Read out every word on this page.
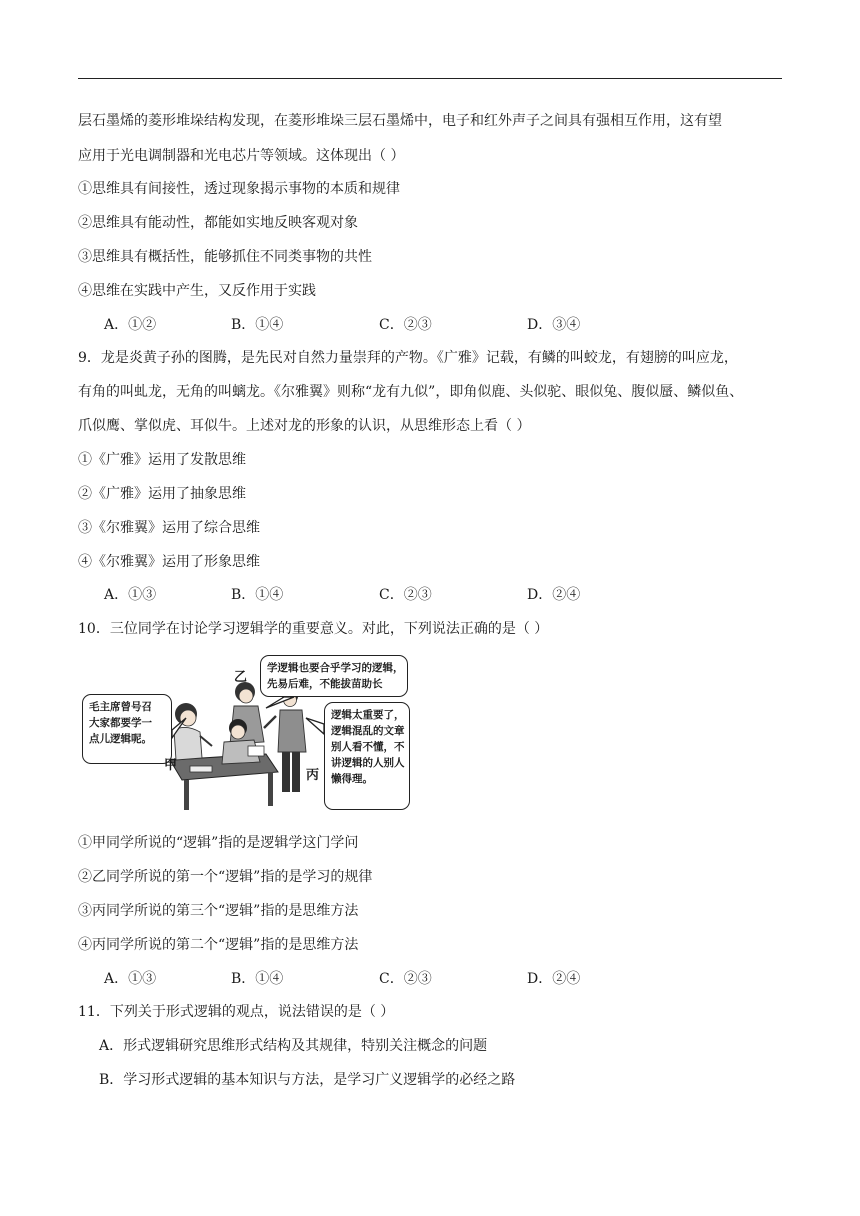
层石墨烯的菱形堆垛结构发现，在菱形堆垛三层石墨烯中，电子和红外声子之间具有强相互作用，这有望
应用于光电调制器和光电芯片等领域。这体现出（ ）
①思维具有间接性，透过现象揭示事物的本质和规律
②思维具有能动性，都能如实地反映客观对象
③思维具有概括性，能够抓住不同类事物的共性
④思维在实践中产生，又反作用于实践
A．①②	B．①④	C．②③	D．③④
9．龙是炎黄子孙的图腾，是先民对自然力量崇拜的产物。《广雅》记载，有鳞的叫蛟龙，有翅膀的叫应龙，
有角的叫虬龙，无角的叫螭龙。《尔雅翼》则称“龙有九似”，即角似鹿、头似驼、眼似兔、腹似蜃、鳞似鱼、
爪似鹰、掌似虎、耳似牛。上述对龙的形象的认识，从思维形态上看（ ）
①《广雅》运用了发散思维
②《广雅》运用了抽象思维
③《尔雅翼》运用了综合思维
④《尔雅翼》运用了形象思维
A．①③	B．①④	C．②③	D．②④
10．三位同学在讨论学习逻辑学的重要意义。对此，下列说法正确的是（ ）
毛主席曾号召
大家都要学一
点儿逻辑呢。
学逻辑也要合乎学习的逻辑，
先易后难，不能拔苗助长
逻辑太重要了，
逻辑混乱的文章
别人看不懂，不
讲逻辑的人别人
懒得理。
甲
乙
丙
①甲同学所说的“逻辑”指的是逻辑学这门学问
②乙同学所说的第一个“逻辑”指的是学习的规律
③丙同学所说的第三个“逻辑”指的是思维方法
④丙同学所说的第二个“逻辑”指的是思维方法
A．①③	B．①④	C．②③	D．②④
11．下列关于形式逻辑的观点，说法错误的是（ ）
A．形式逻辑研究思维形式结构及其规律，特别关注概念的问题
B．学习形式逻辑的基本知识与方法，是学习广义逻辑学的必经之路
